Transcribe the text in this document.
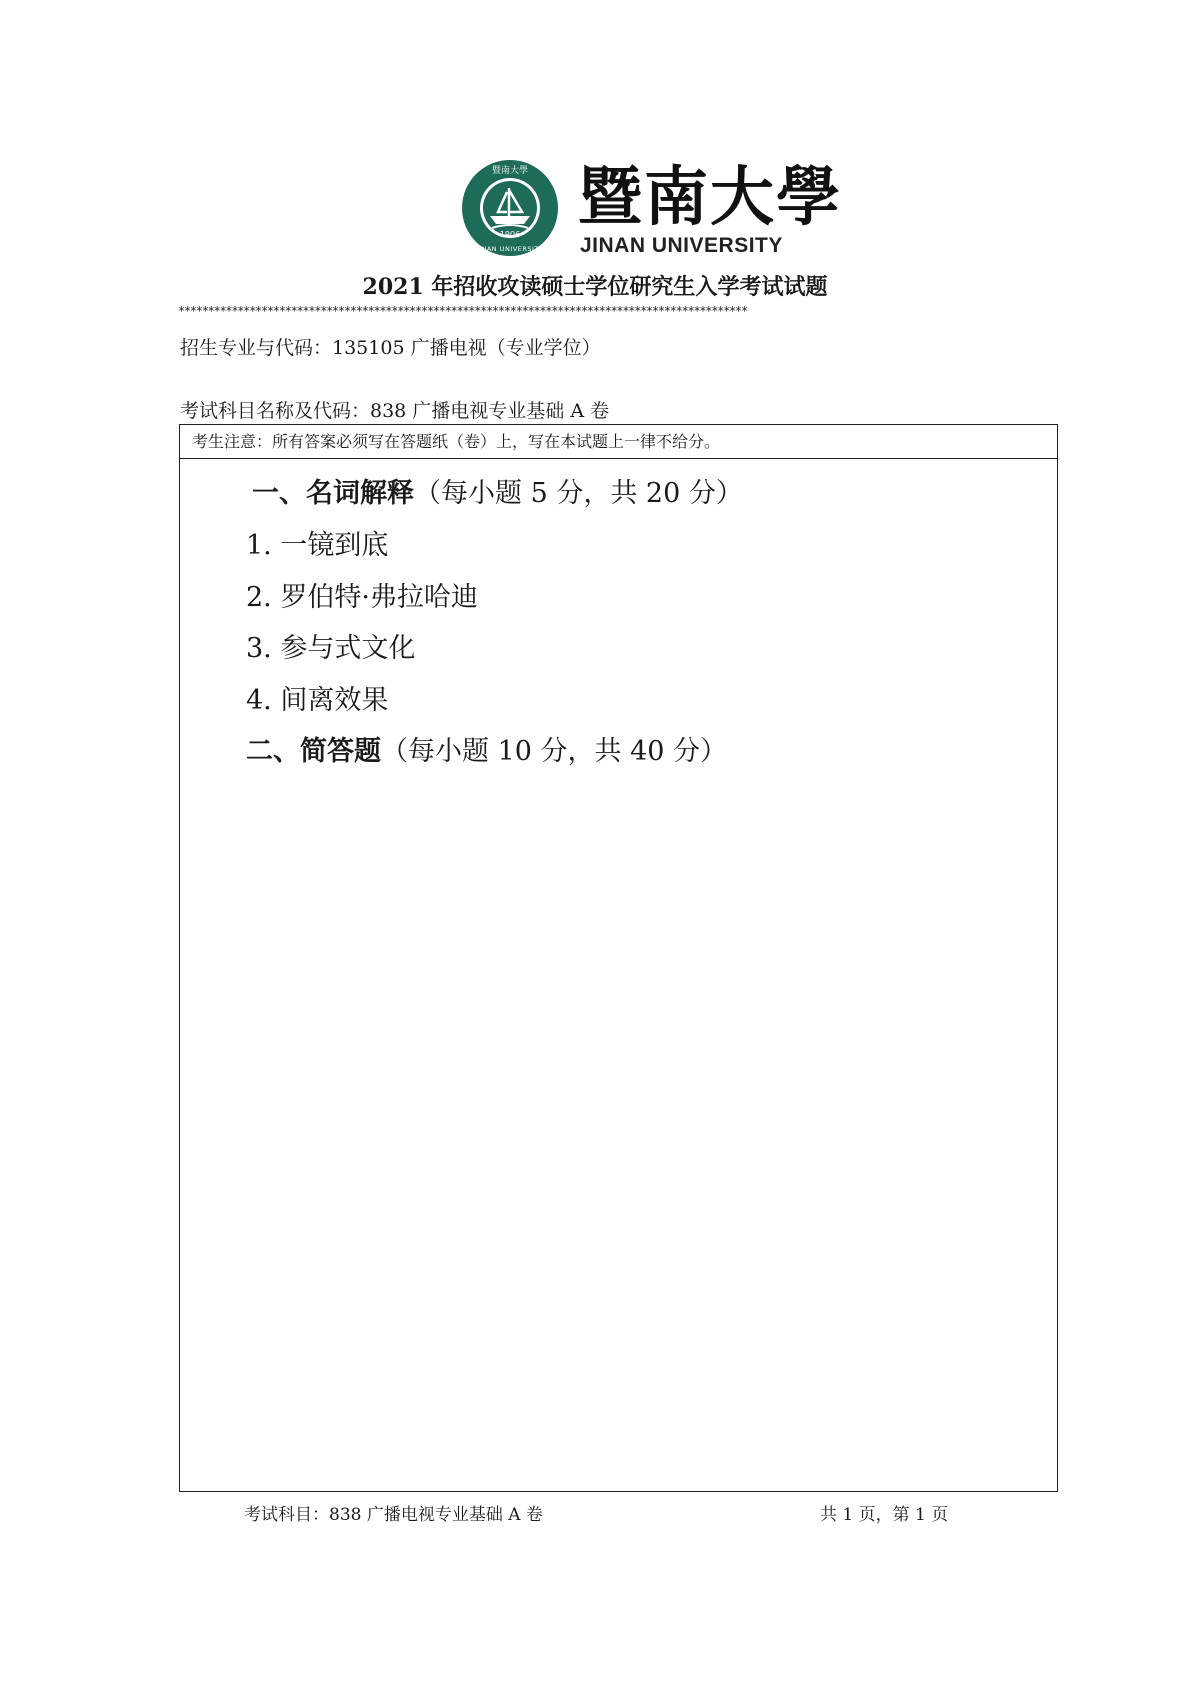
1906
暨南大學
JINAN UNIVERSITY
暨南大學
JINAN UNIVERSITY
2021 年招收攻读硕士学位研究生入学考试试题
************************************************************************************************
招生专业与代码：135105 广播电视（专业学位）
考试科目名称及代码：838 广播电视专业基础 A 卷
考生注意：所有答案必须写在答题纸（卷）上，写在本试题上一律不给分。
一、名词解释（每小题 5 分，共 20 分）
1. 一镜到底
2. 罗伯特·弗拉哈迪
3. 参与式文化
4. 间离效果
二、简答题（每小题 10 分，共 40 分）
考试科目：838 广播电视专业基础 A 卷	共 1 页，第 1 页
